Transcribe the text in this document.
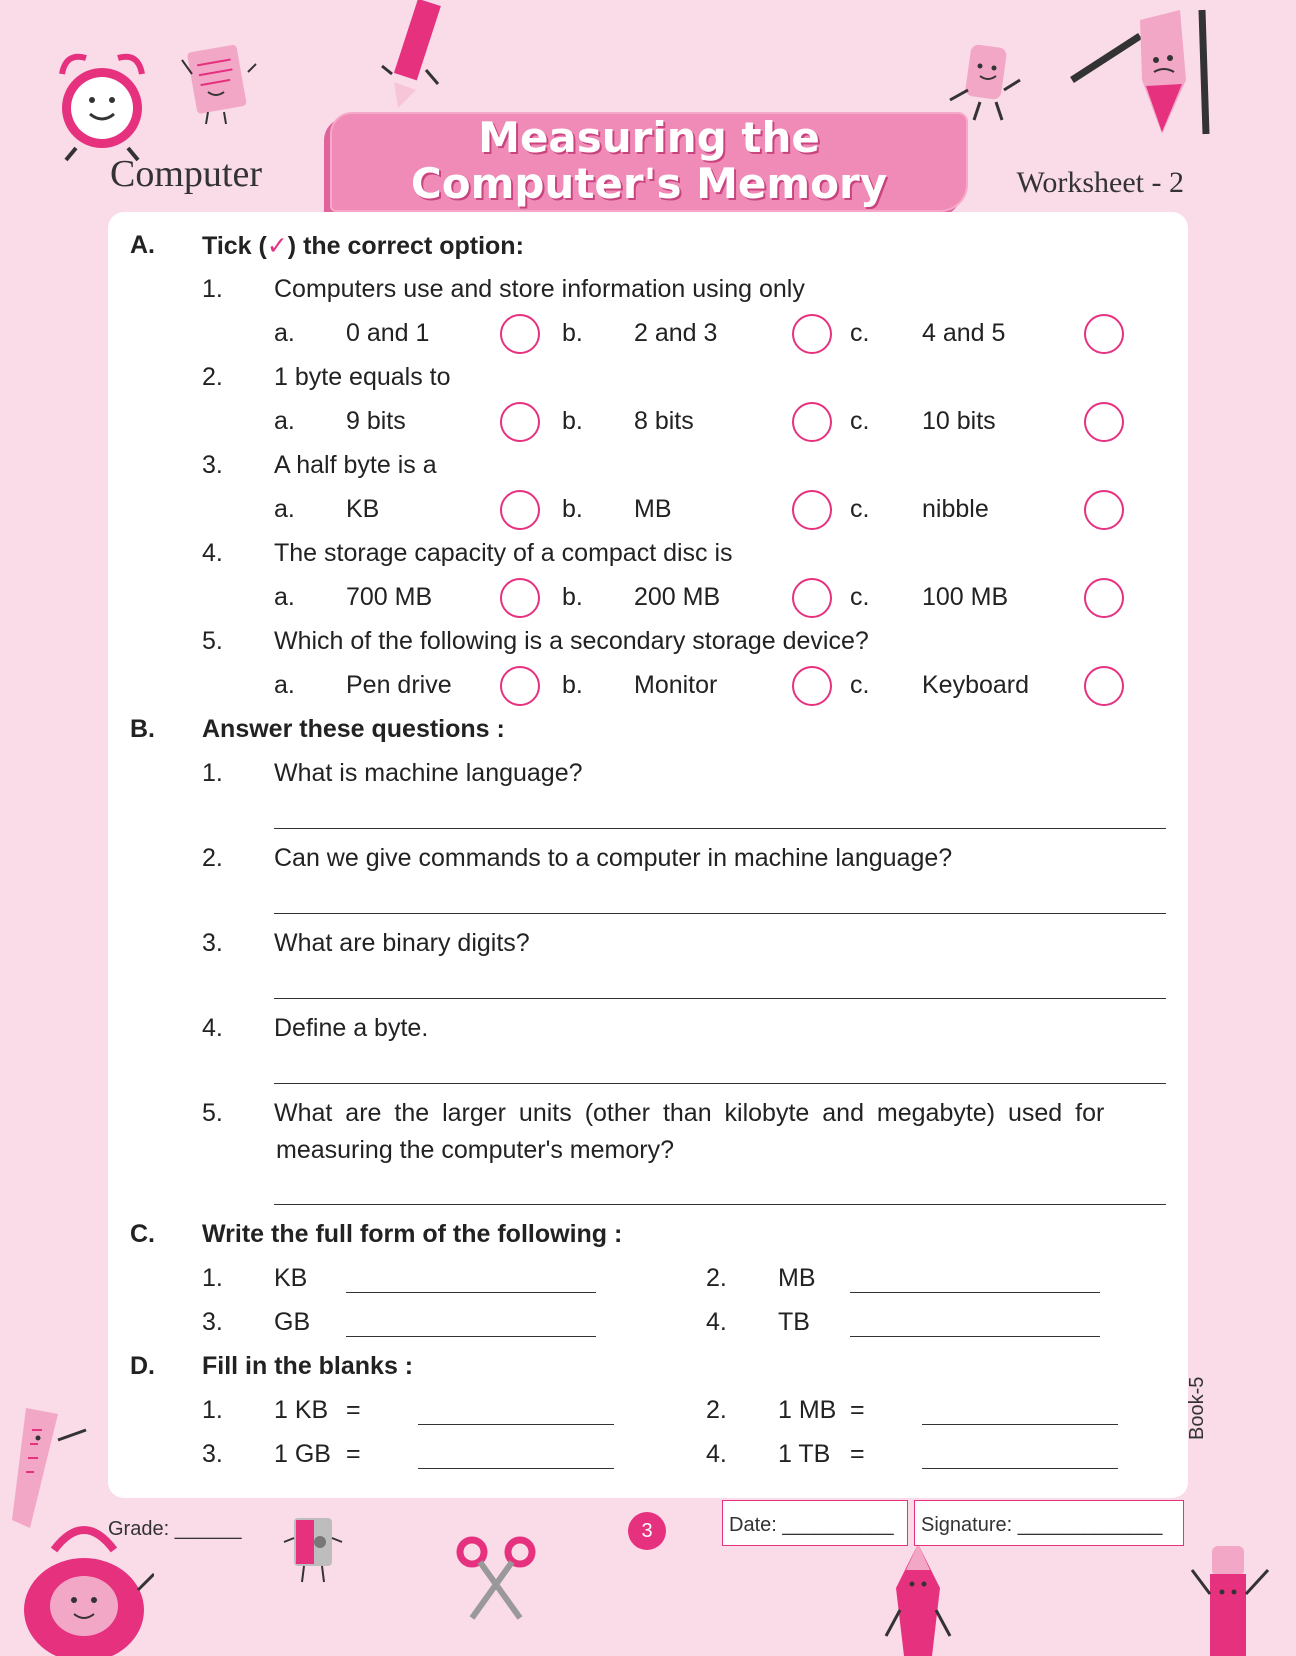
Computer
Measuring the
Computer's Memory	Worksheet - 2
A. Tick (✓) the correct option:
1. Computers use and store information using only
a. 0 and 1	b. 2 and 3	c. 4 and 5
2. 1 byte equals to
a. 9 bits	b. 8 bits	c. 10 bits
3. A half byte is a
a. KB	b. MB	c. nibble
4. The storage capacity of a compact disc is
a. 700 MB	b. 200 MB	c. 100 MB
5. Which of the following is a secondary storage device?
a. Pen drive	b. Monitor	c. Keyboard
B. Answer these questions :
1. What is machine language?
2. Can we give commands to a computer in machine language?
3. What are binary digits?
4. Define a byte.
5. What are the larger units (other than kilobyte and megabyte) used for
measuring the computer's memory?
C. Write the full form of the following :
1. KB	2. MB
3. GB	4. TB
D. Fill in the blanks :
1. 1 KB =	2. 1 MB =
3. 1 GB =	4. 1 TB =
Book-5
Grade: ______	3	Date: __________	Signature: _____________
